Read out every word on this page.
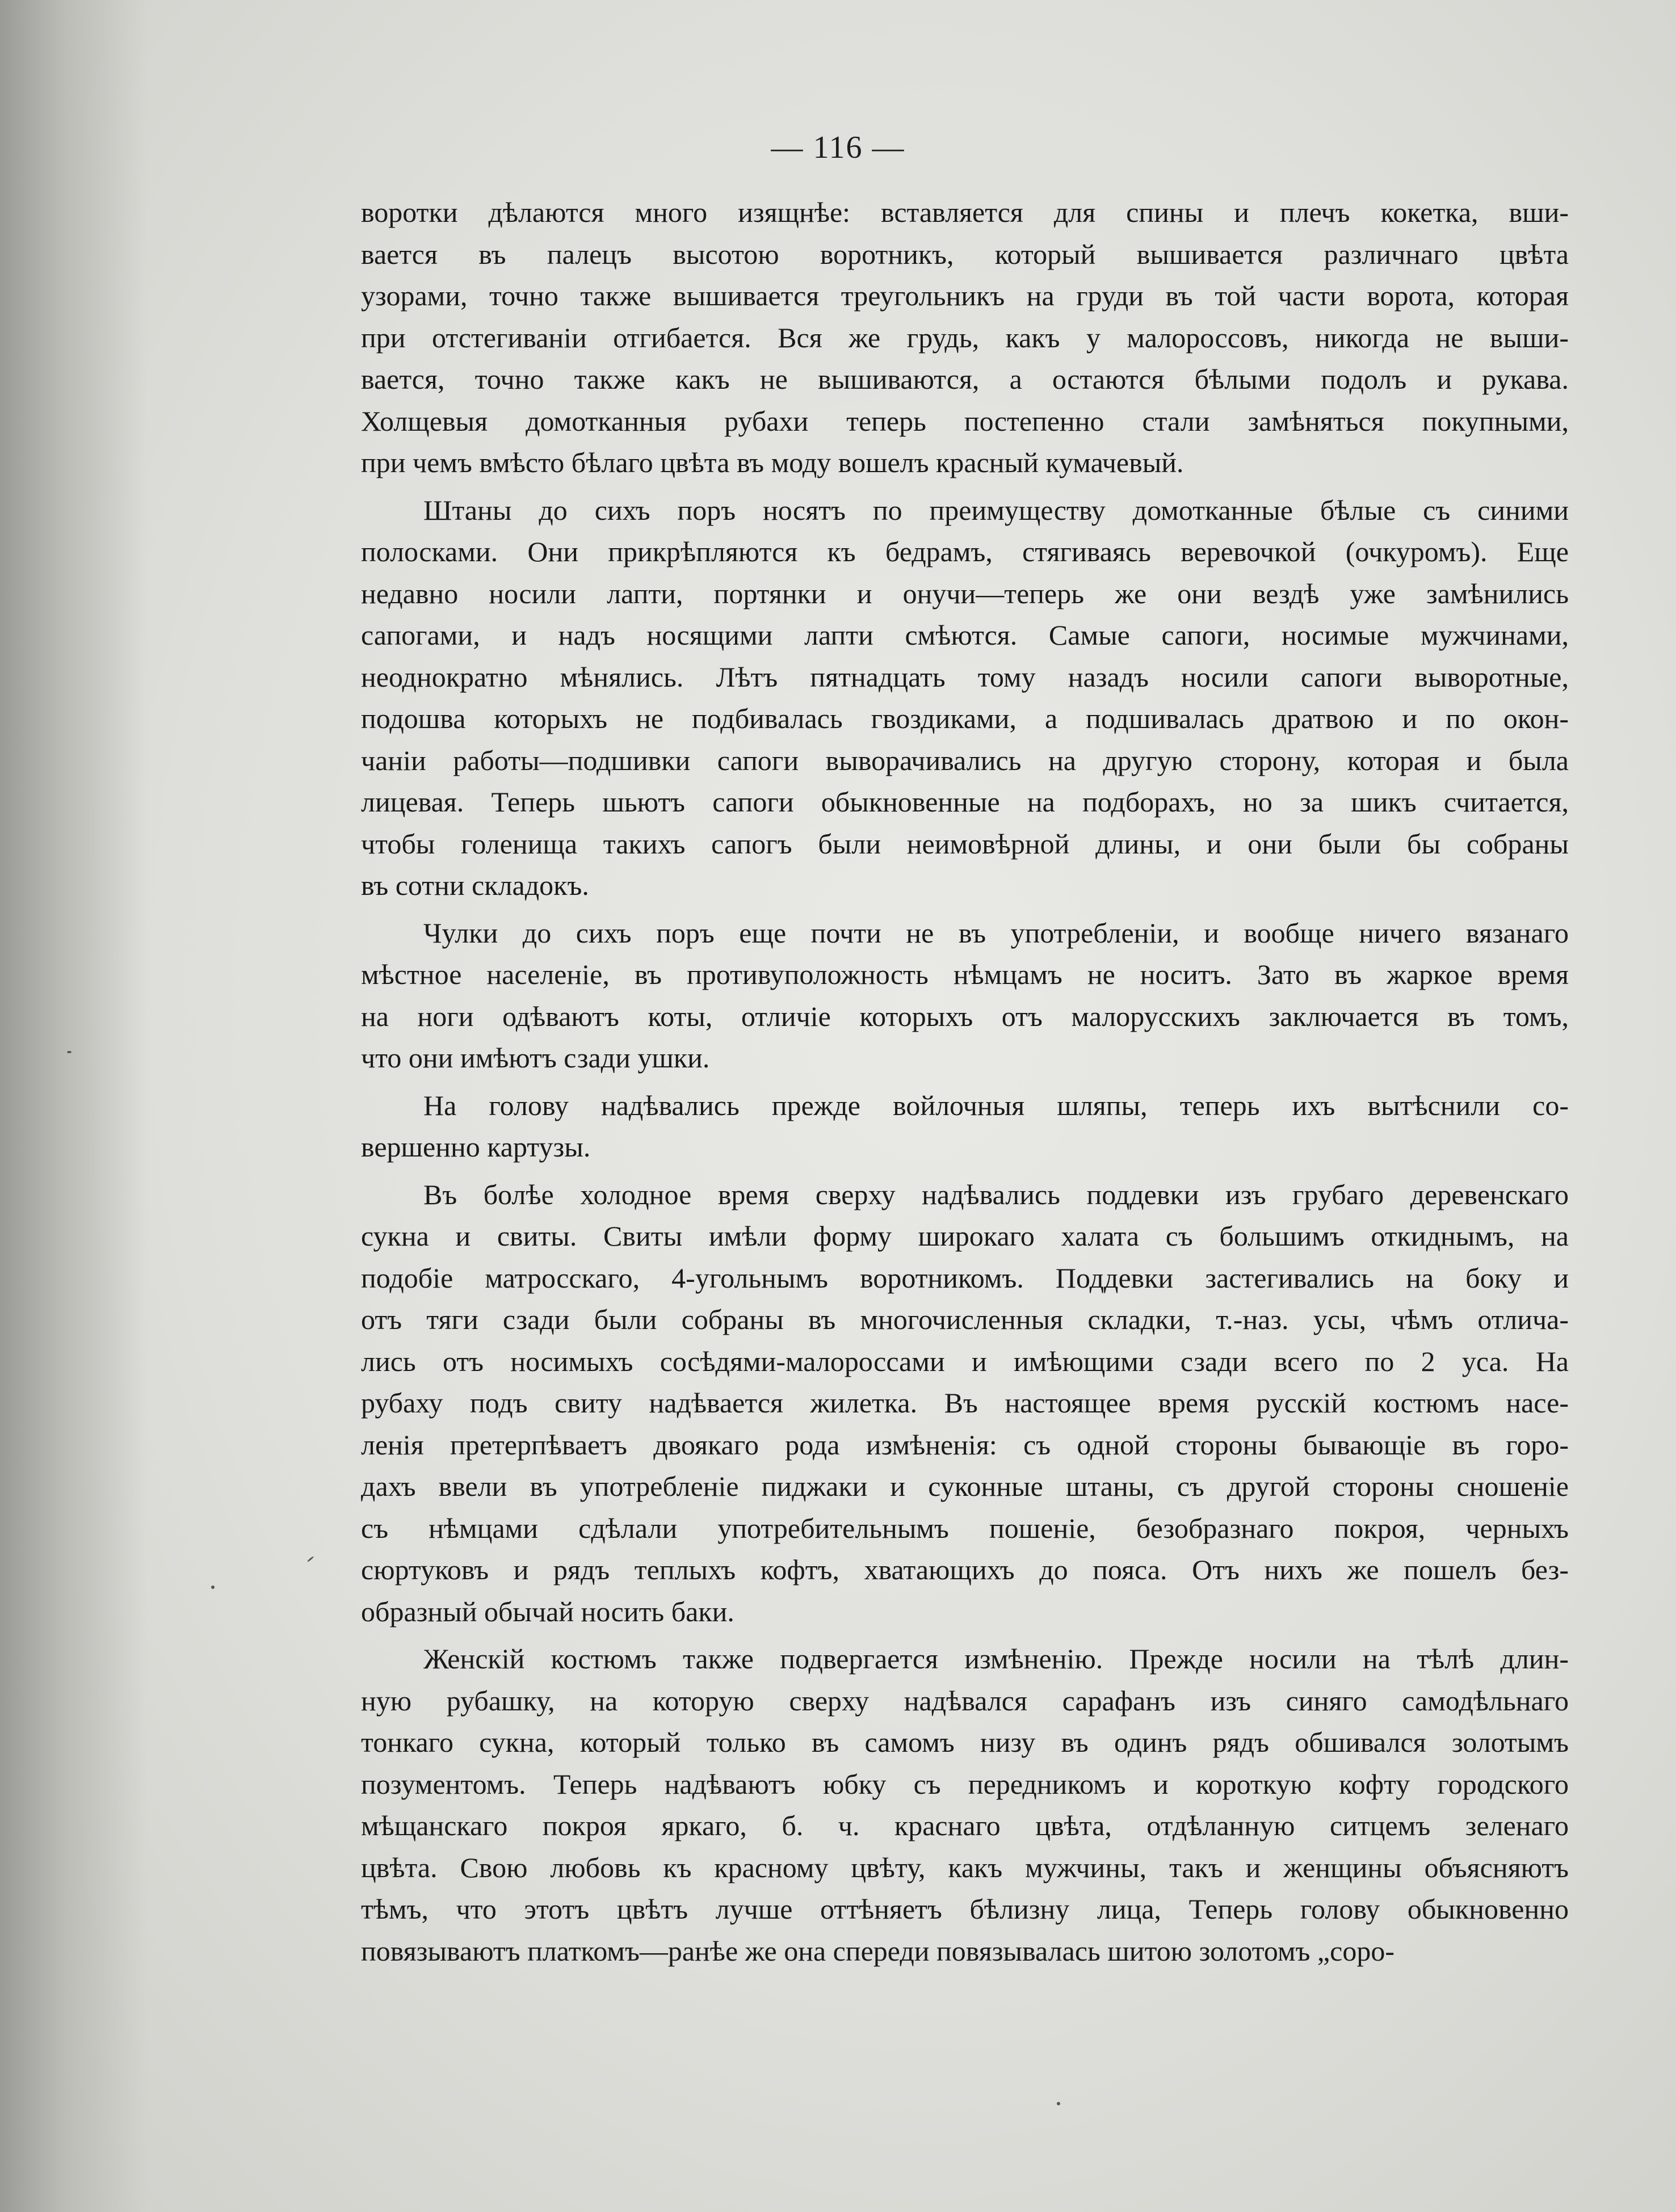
— 116 —
воротки дѣлаются много изящнѣе: вставляется для спины и плечъ кокетка, вши-
вается въ палецъ высотою воротникъ, который вышивается различнаго цвѣта
узорами, точно также вышивается треугольникъ на груди въ той части ворота, которая
при отстегиваніи отгибается. Вся же грудь, какъ у малороссовъ, никогда не выши-
вается, точно также какъ не вышиваются, а остаются бѣлыми подолъ и рукава.
Холщевыя домотканныя рубахи теперь постепенно стали замѣняться покупными,
при чемъ вмѣсто бѣлаго цвѣта въ моду вошелъ красный кумачевый.
Штаны до сихъ поръ носятъ по преимуществу домотканные бѣлые съ синими
полосками. Они прикрѣпляются къ бедрамъ, стягиваясь веревочкой (очкуромъ). Еще
недавно носили лапти, портянки и онучи—теперь же они вездѣ уже замѣнились
сапогами, и надъ носящими лапти смѣются. Самые сапоги, носимые мужчинами,
неоднократно мѣнялись. Лѣтъ пятнадцать тому назадъ носили сапоги выворотные,
подошва которыхъ не подбивалась гвоздиками, а подшивалась дратвою и по окон-
чаніи работы—подшивки сапоги выворачивались на другую сторону, которая и была
лицевая. Теперь шьютъ сапоги обыкновенные на подборахъ, но за шикъ считается,
чтобы голенища такихъ сапогъ были неимовѣрной длины, и они были бы собраны
въ сотни складокъ.
Чулки до сихъ поръ еще почти не въ употребленіи, и вообще ничего вязанаго
мѣстное населеніе, въ противуположность нѣмцамъ не носитъ. Зато въ жаркое время
на ноги одѣваютъ коты, отличіе которыхъ отъ малорусскихъ заключается въ томъ,
что они имѣютъ сзади ушки.
На голову надѣвались прежде войлочныя шляпы, теперь ихъ вытѣснили со-
вершенно картузы.
Въ болѣе холодное время сверху надѣвались поддевки изъ грубаго деревенскаго
сукна и свиты. Свиты имѣли форму широкаго халата съ большимъ откиднымъ, на
подобіе матросскаго, 4-угольнымъ воротникомъ. Поддевки застегивались на боку и
отъ тяги сзади были собраны въ многочисленныя складки, т.-наз. усы, чѣмъ отлича-
лись отъ носимыхъ сосѣдями-малороссами и имѣющими сзади всего по 2 уса. На
рубаху подъ свиту надѣвается жилетка. Въ настоящее время русскій костюмъ насе-
ленія претерпѣваетъ двоякаго рода измѣненія: съ одной стороны бывающіе въ горо-
дахъ ввели въ употребленіе пиджаки и суконные штаны, съ другой стороны сношеніе
съ нѣмцами сдѣлали употребительнымъ пошеніе, безобразнаго покроя, черныхъ
сюртуковъ и рядъ теплыхъ кофтъ, хватающихъ до пояса. Отъ нихъ же пошелъ без-
образный обычай носить баки.
Женскій костюмъ также подвергается измѣненію. Прежде носили на тѣлѣ длин-
ную рубашку, на которую сверху надѣвался сарафанъ изъ синяго самодѣльнаго
тонкаго сукна, который только въ самомъ низу въ одинъ рядъ обшивался золотымъ
позументомъ. Теперь надѣваютъ юбку съ передникомъ и короткую кофту городского
мѣщанскаго покроя яркаго, б. ч. краснаго цвѣта, отдѣланную ситцемъ зеленаго
цвѣта. Свою любовь къ красному цвѣту, какъ мужчины, такъ и женщины объясняютъ
тѣмъ, что этотъ цвѣтъ лучше оттѣняетъ бѣлизну лица, Теперь голову обыкновенно
повязываютъ платкомъ—ранѣе же она спереди повязывалась шитою золотомъ „соро-
